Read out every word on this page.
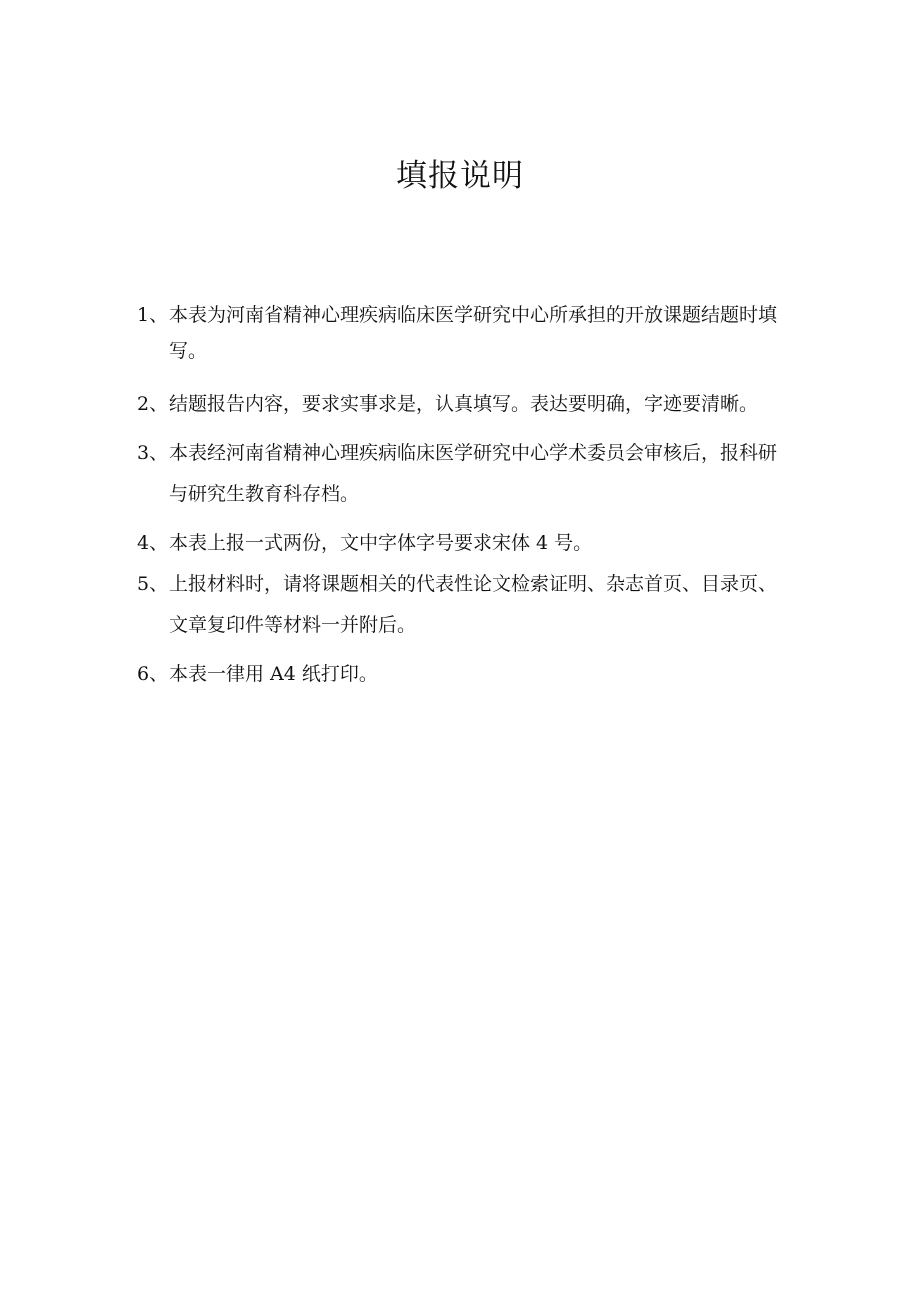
填报说明
1、 本表为河南省精神心理疾病临床医学研究中心所承担的开放课题结题时填写。
2、 结题报告内容，要求实事求是，认真填写。表达要明确，字迹要清晰。
3、 本表经河南省精神心理疾病临床医学研究中心学术委员会审核后，报科研与研究生教育科存档。
4、 本表上报一式两份，文中字体字号要求宋体 4 号。
5、 上报材料时，请将课题相关的代表性论文检索证明、杂志首页、目录页、文章复印件等材料一并附后。
6、 本表一律用 A4 纸打印。
